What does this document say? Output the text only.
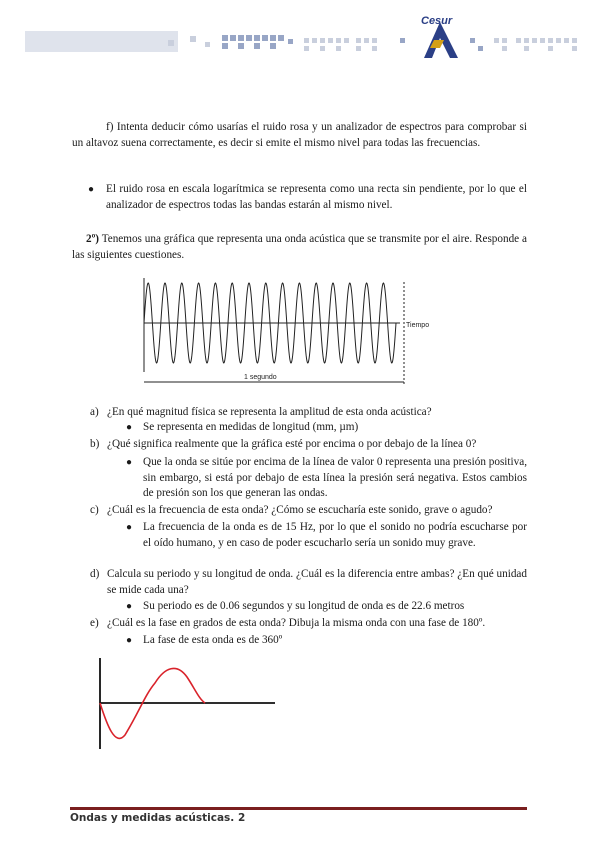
Cesur
f) Intenta deducir cómo usarías el ruido rosa y un analizador de espectros para comprobar si un altavoz suena correctamente, es decir si emite el mismo nivel para todas las frecuencias.
● El ruido rosa en escala logarítmica se representa como una recta sin pendiente, por lo que el analizador de espectros todas las bandas estarán al mismo nivel.
2º) Tenemos una gráfica que representa una onda acústica que se transmite por el aire. Responde a las siguientes cuestiones.
Tiempo
1 segundo
a) ¿En qué magnitud física se representa la amplitud de esta onda acústica?
● Se representa en medidas de longitud (mm, µm)
b) ¿Qué significa realmente que la gráfica esté por encima o por debajo de la línea 0?
● Que la onda se sitúe por encima de la línea de valor 0 representa una presión positiva, sin embargo, si está por debajo de esta línea la presión será negativa. Estos cambios de presión son los que generan las ondas.
c) ¿Cuál es la frecuencia de esta onda? ¿Cómo se escucharía este sonido, grave o agudo?
● La frecuencia de la onda es de 15 Hz, por lo que el sonido no podría escucharse por el oído humano, y en caso de poder escucharlo sería un sonido muy grave.
d) Calcula su periodo y su longitud de onda. ¿Cuál es la diferencia entre ambas? ¿En qué unidad se mide cada una?
● Su periodo es de 0.06 segundos y su longitud de onda es de 22.6 metros
e) ¿Cuál es la fase en grados de esta onda? Dibuja la misma onda con una fase de 180º.
● La fase de esta onda es de 360º
Ondas y medidas acústicas. 2
